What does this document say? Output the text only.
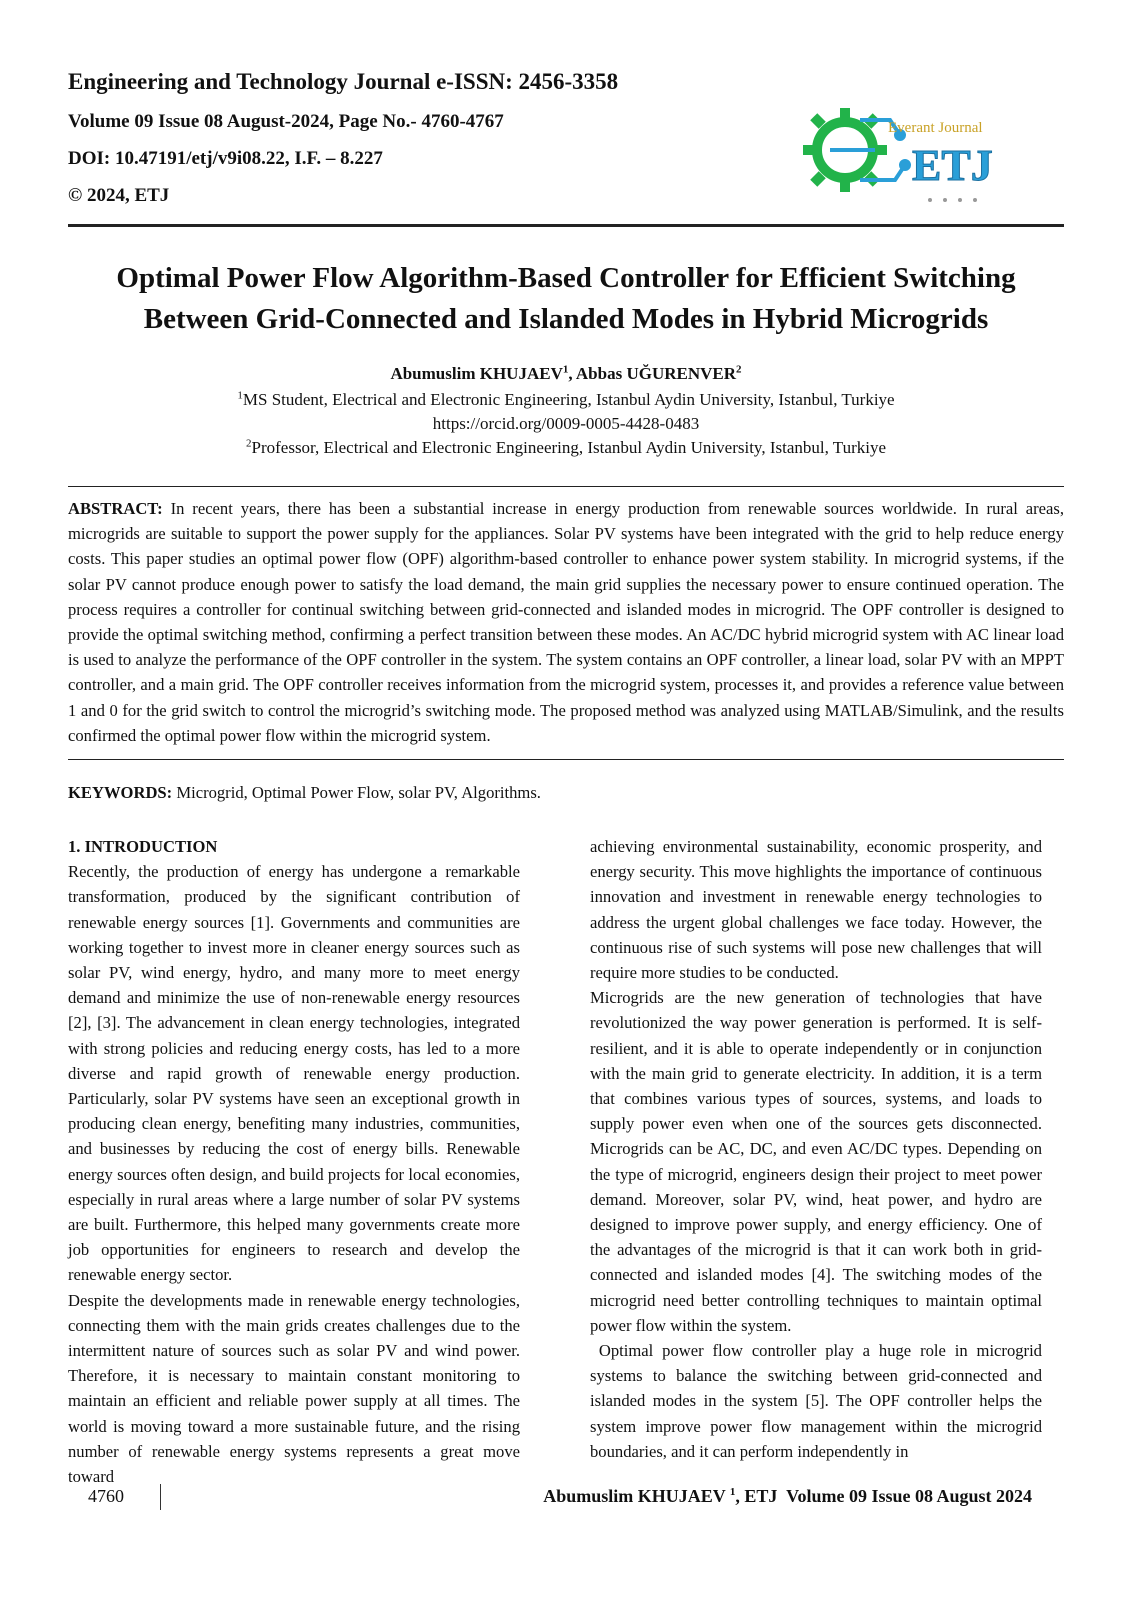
Engineering and Technology Journal e-ISSN: 2456-3358
Volume 09 Issue 08 August-2024, Page No.- 4760-4767
DOI: 10.47191/etj/v9i08.22, I.F. – 8.227
© 2024, ETJ
Everant Journal
ETJ
Optimal Power Flow Algorithm-Based Controller for Efficient Switching
Between Grid-Connected and Islanded Modes in Hybrid Microgrids
Abumuslim KHUJAEV$^1$, Abbas UĞURENVER$^2$
$^1$MS Student, Electrical and Electronic Engineering, Istanbul Aydin University, Istanbul, Turkiye
https://orcid.org/0009-0005-4428-0483
$^2$Professor, Electrical and Electronic Engineering, Istanbul Aydin University, Istanbul, Turkiye
ABSTRACT: In recent years, there has been a substantial increase in energy production from renewable sources worldwide. In rural areas, microgrids are suitable to support the power supply for the appliances. Solar PV systems have been integrated with the grid to help reduce energy costs. This paper studies an optimal power flow (OPF) algorithm-based controller to enhance power system stability. In microgrid systems, if the solar PV cannot produce enough power to satisfy the load demand, the main grid supplies the necessary power to ensure continued operation. The process requires a controller for continual switching between grid-connected and islanded modes in microgrid. The OPF controller is designed to provide the optimal switching method, confirming a perfect transition between these modes. An AC/DC hybrid microgrid system with AC linear load is used to analyze the performance of the OPF controller in the system. The system contains an OPF controller, a linear load, solar PV with an MPPT controller, and a main grid. The OPF controller receives information from the microgrid system, processes it, and provides a reference value between 1 and 0 for the grid switch to control the microgrid’s switching mode. The proposed method was analyzed using MATLAB/Simulink, and the results confirmed the optimal power flow within the microgrid system.
KEYWORDS: Microgrid, Optimal Power Flow, solar PV, Algorithms.

1. INTRODUCTION

Recently, the production of energy has undergone a remarkable transformation, produced by the significant contribution of renewable energy sources [1]. Governments and communities are working together to invest more in cleaner energy sources such as solar PV, wind energy, hydro, and many more to meet energy demand and minimize the use of non-renewable energy resources [2], [3]. The advancement in clean energy technologies, integrated with strong policies and reducing energy costs, has led to a more diverse and rapid growth of renewable energy production. Particularly, solar PV systems have seen an exceptional growth in producing clean energy, benefiting many industries, communities, and businesses by reducing the cost of energy bills. Renewable energy sources often design, and build projects for local economies, especially in rural areas where a large number of solar PV systems are built. Furthermore, this helped many governments create more job opportunities for engineers to research and develop the renewable energy sector.

Despite the developments made in renewable energy technologies, connecting them with the main grids creates challenges due to the intermittent nature of sources such as solar PV and wind power. Therefore, it is necessary to maintain constant monitoring to maintain an efficient and reliable power supply at all times. The world is moving toward a more sustainable future, and the rising number of renewable energy systems represents a great move toward

achieving environmental sustainability, economic prosperity, and energy security. This move highlights the importance of continuous innovation and investment in renewable energy technologies to address the urgent global challenges we face today. However, the continuous rise of such systems will pose new challenges that will require more studies to be conducted.

Microgrids are the new generation of technologies that have revolutionized the way power generation is performed. It is self-resilient, and it is able to operate independently or in conjunction with the main grid to generate electricity. In addition, it is a term that combines various types of sources, systems, and loads to supply power even when one of the sources gets disconnected. Microgrids can be AC, DC, and even AC/DC types. Depending on the type of microgrid, engineers design their project to meet power demand. Moreover, solar PV, wind, heat power, and hydro are designed to improve power supply, and energy efficiency. One of the advantages of the microgrid is that it can work both in grid-connected and islanded modes [4]. The switching modes of the microgrid need better controlling techniques to maintain optimal power flow within the system.

Optimal power flow controller play a huge role in microgrid systems to balance the switching between grid-connected and islanded modes in the system [5]. The OPF controller helps the system improve power flow management within the microgrid boundaries, and it can perform independently in

4760	Abumuslim KHUJAEV $^1$, ETJ  Volume 09 Issue 08 August 2024
